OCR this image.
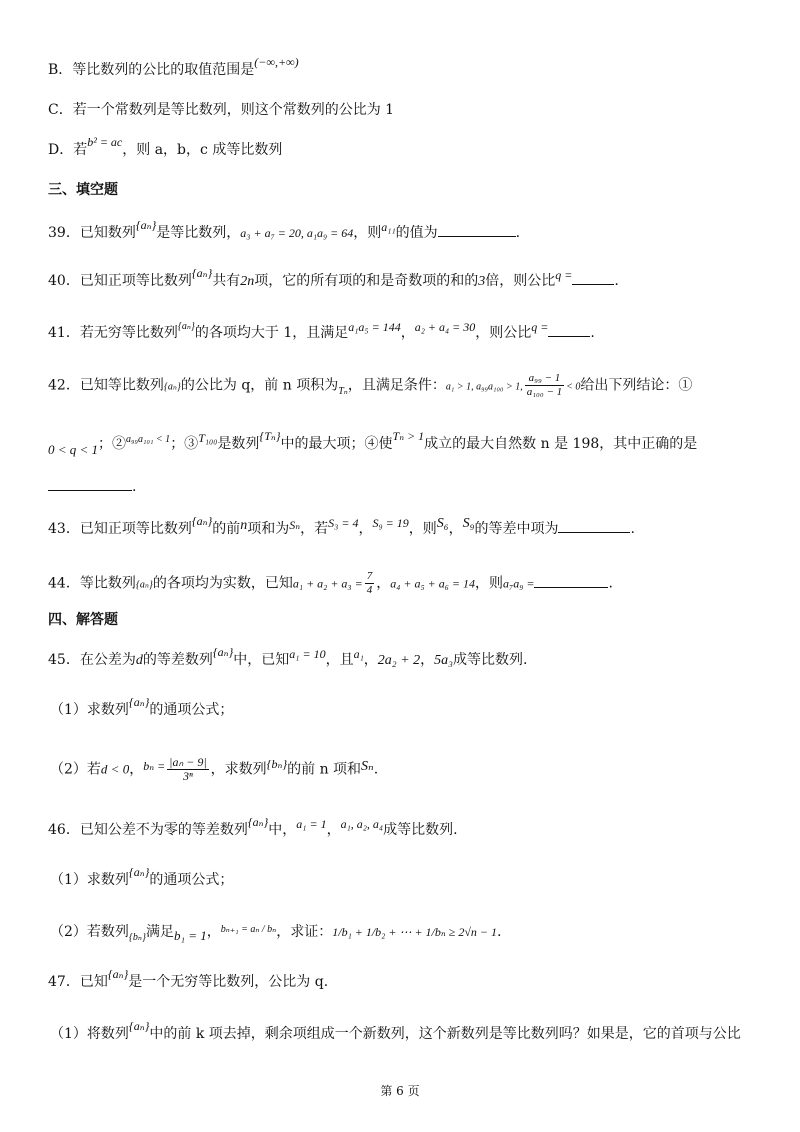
B．等比数列的公比的取值范围是(−∞,+∞)
C．若一个常数列是等比数列，则这个常数列的公比为 1
D．若b² = ac，则 a，b，c 成等比数列
三、填空题
39．已知数列{aₙ}是等比数列，a₃ + a₇ = 20, a₁a₉ = 64，则a₁₁的值为	.
40．已知正项等比数列{aₙ}共有2n项，它的所有项的和是奇数项的和的3倍，则公比q =	.
41．若无穷等比数列$^{\{a_n\}}$的各项均大于 1，且满足a₁a₅ = 144，a₂ + a₄ = 30，则公比q =	.
42．已知等比数列{aₙ}的公比为 q，前 n 项积为$_{T_n}$，且满足条件：a₁ > 1, a₉₉a₁₀₀ > 1, $\frac{\text{a₉₉ − 1}}{\text{a₁₀₀ − 1}} < 0$给出下列结论：①
0 < q < 1；②$^{a_{99}a_{101} < 1}$；③T₁₀₀是数列{Tₙ}中的最大项；④使Tₙ > 1成立的最大自然数 n 是 198，其中正确的是
.
43．已知正项等比数列{aₙ}的前n项和为Sₙ，若S₃ = 4，S₉ = 19，则S₆，S₉的等差中项为	.
44．等比数列{aₙ}的各项均为实数，已知$a_1 + a_2 + a_3 = \frac{7}{4}$ ，a₄ + a₅ + a₆ = 14，则a₇a₉ =	.
四、解答题
45．在公差为d的等差数列{aₙ}中，已知a₁ = 10，且a₁，2a₂ + 2，5a₃成等比数列.
（1）求数列{aₙ}的通项公式；
（2）若d < 0，$b_n = \frac{\text{|aₙ − 9|}}{\text{3ⁿ}}$ ，求数列{bₙ}的前 n 项和Sₙ.
46．已知公差不为零的等差数列{aₙ}中，a₁ = 1，a₁, a₂, a₄成等比数列.
（1）求数列{aₙ}的通项公式；
（2）若数列$_{\{b_n\}}$满足b₁ = 1，$^{b_{n+1} = a_n / b_n}$，求证：1/b₁ + 1/b₂ + ⋯ + 1/bₙ ≥ 2√n − 1.
47．已知{aₙ}是一个无穷等比数列，公比为 q.
（1）将数列{aₙ}中的前 k 项去掉，剩余项组成一个新数列，这个新数列是等比数列吗？如果是，它的首项与公比
第 6 页
